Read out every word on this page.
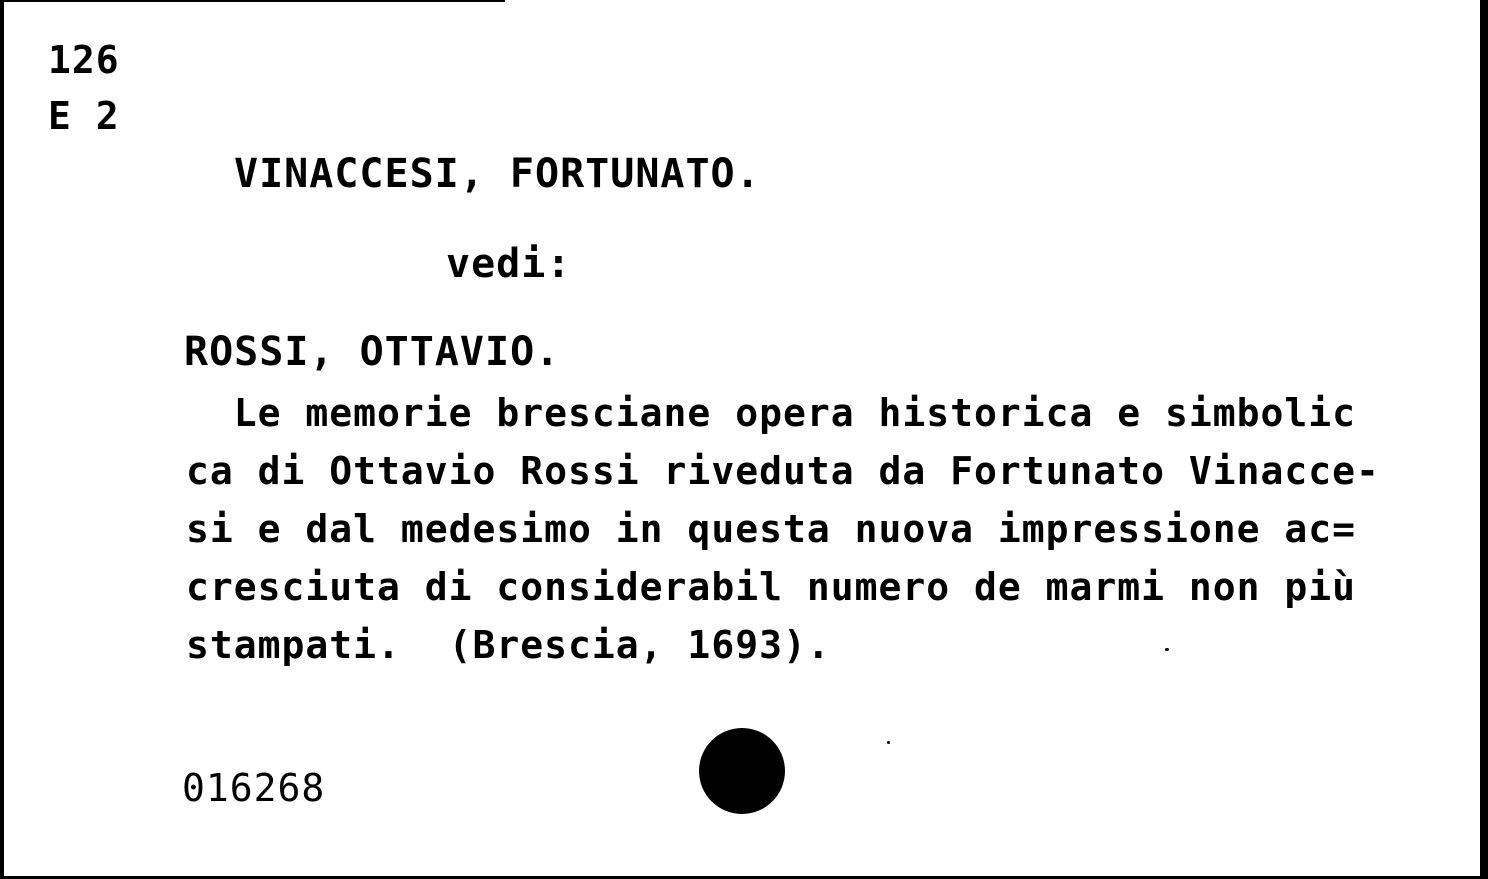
126
E 2
VINACCESI, FORTUNATO.
vedi:
ROSSI, OTTAVIO.
Le memorie bresciane opera historica e simbolic
ca di Ottavio Rossi riveduta da Fortunato Vinacce-
si e dal medesimo in questa nuova impressione ac=
cresciuta di considerabil numero de marmi non più
stampati.  (Brescia, 1693).
016268
